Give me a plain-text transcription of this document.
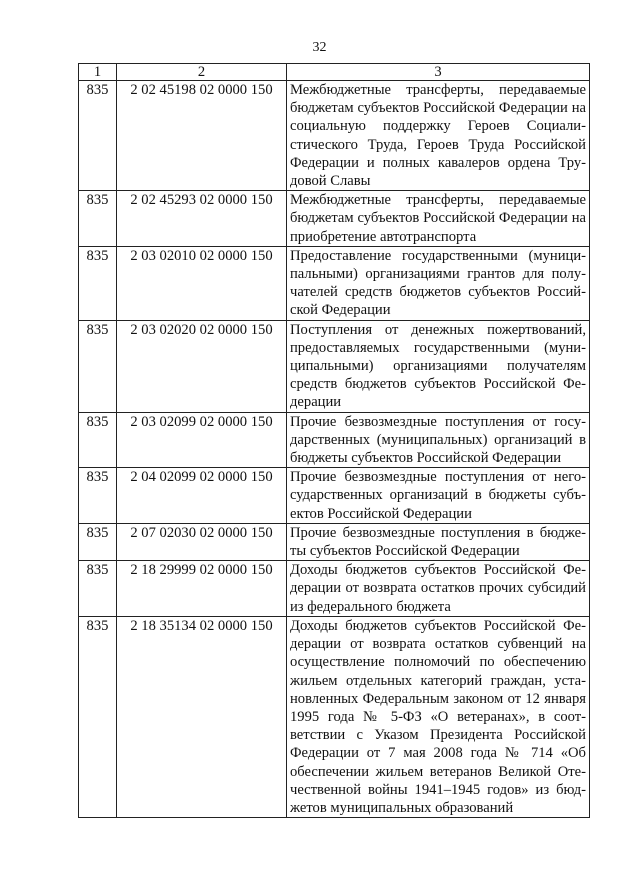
32
1	2	3
835	2 02 45198 02 0000 150	Межбюджетные трансферты, передаваемые бюджетам субъектов Российской Федерации на социальную поддержку Героев Социалистического Труда, Героев Труда Российской Федерации и полных кавалеров ордена Трудовой Славы
835	2 02 45293 02 0000 150	Межбюджетные трансферты, передаваемые бюджетам субъектов Российской Федерации на приобретение автотранспорта
835	2 03 02010 02 0000 150	Предоставление государственными (муниципальными) организациями грантов для получателей средств бюджетов субъектов Российской Федерации
835	2 03 02020 02 0000 150	Поступления от денежных пожертвований, предоставляемых государственными (муниципальными) организациями получателям средств бюджетов субъектов Российской Федерации
835	2 03 02099 02 0000 150	Прочие безвозмездные поступления от государственных (муниципальных) организаций в бюджеты субъектов Российской Федерации
835	2 04 02099 02 0000 150	Прочие безвозмездные поступления от негосударственных организаций в бюджеты субъектов Российской Федерации
835	2 07 02030 02 0000 150	Прочие безвозмездные поступления в бюджеты субъектов Российской Федерации
835	2 18 29999 02 0000 150	Доходы бюджетов субъектов Российской Федерации от возврата остатков прочих субсидий из федерального бюджета
835	2 18 35134 02 0000 150	Доходы бюджетов субъектов Российской Федерации от возврата остатков субвенций на осуществление полномочий по обеспечению жильем отдельных категорий граждан, установленных Федеральным законом от 12 января 1995 года № 5-ФЗ «О ветеранах», в соответствии с Указом Президента Российской Федерации от 7 мая 2008 года № 714 «Об обеспечении жильем ветеранов Великой Отечественной войны 1941–1945 годов» из бюджетов муниципальных образований
